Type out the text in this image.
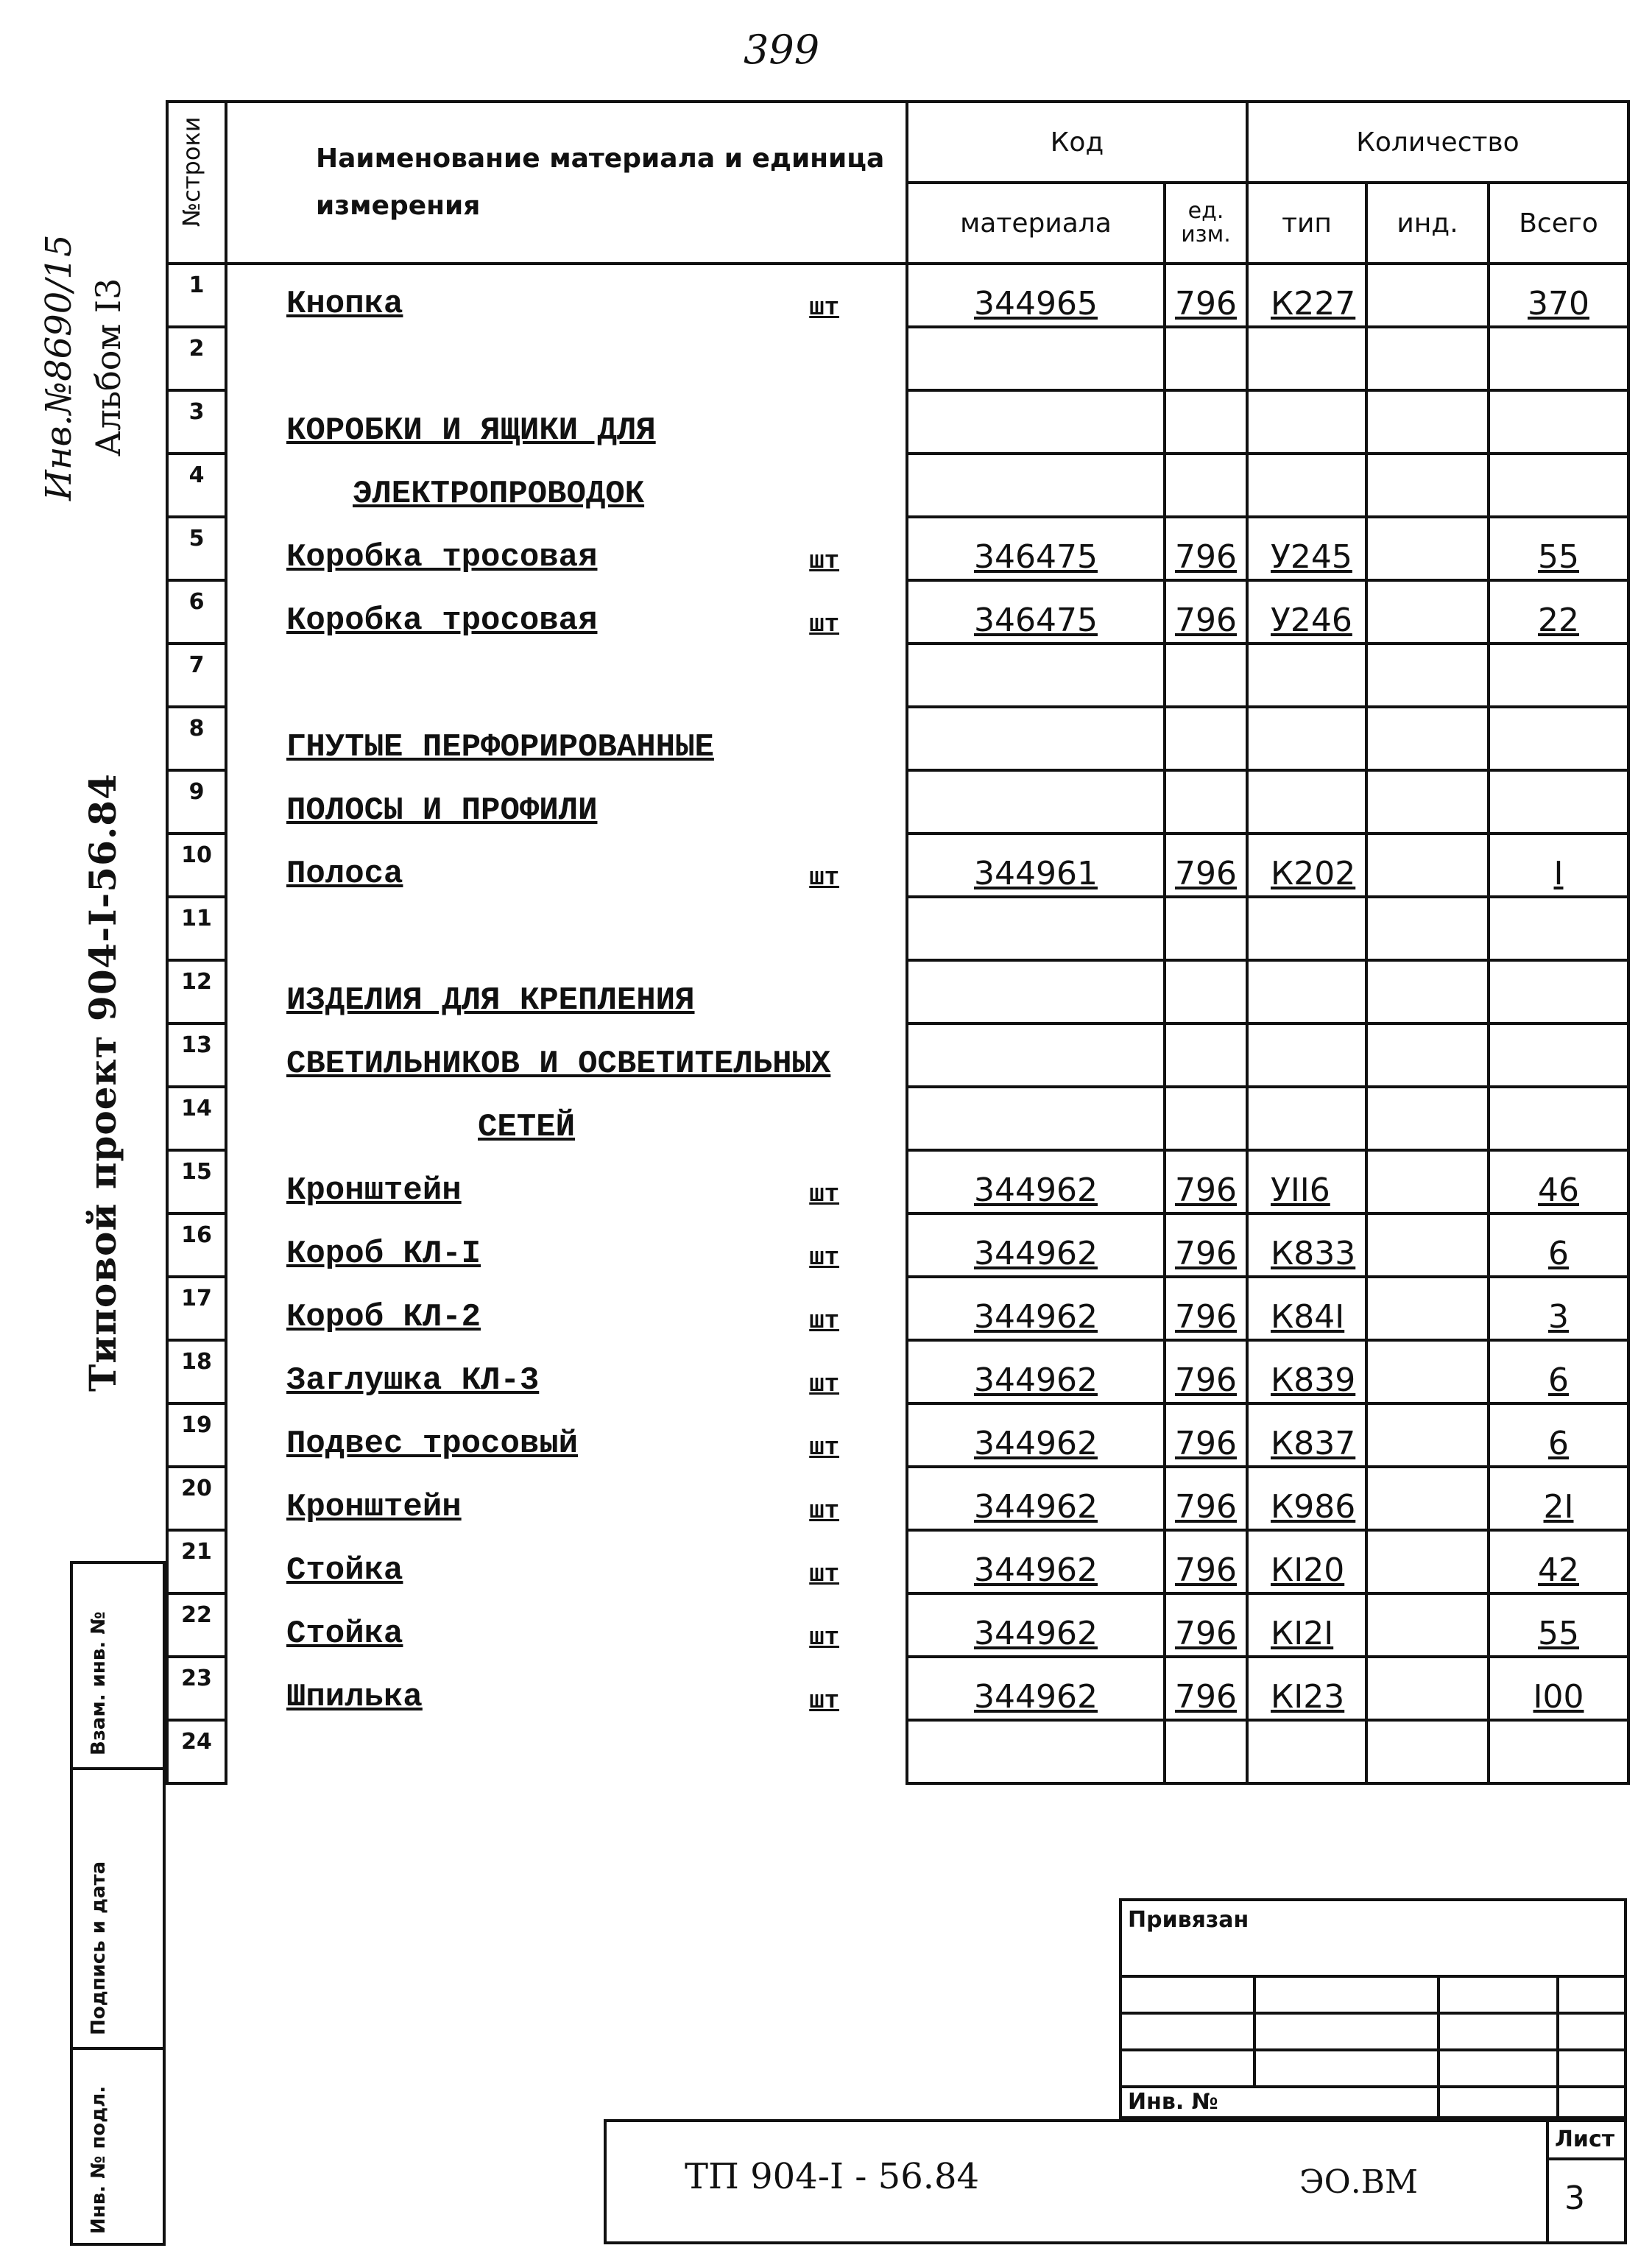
399
Инв.№8690/15 Альбом I3
Типовой проект 904-I-56.84
Взам. инв. №
Подпись и дата
Инв. № подл.
№строки	Наименование материала и единица измерения	Код		Количество		
		материала	ед. изм.	тип	инд.	Всего
1	Кнопка шт	344965	796	К227		370
2	

3	КОРОБКИ И ЯЩИКИ ДЛЯ					

4	ЭЛЕКТРОПРОВОДОК					

5	Коробка тросовая шт	346475	796	У245		55
6	Коробка тросовая шт	346475	796	У246		22
7	

8	ГНУТЫЕ ПЕРФОРИРОВАННЫЕ					

9	ПОЛОСЫ И ПРОФИЛИ					

10	Полоса шт	344961	796	К202		I
11	

12	ИЗДЕЛИЯ ДЛЯ КРЕПЛЕНИЯ					

13	СВЕТИЛЬНИКОВ И ОСВЕТИТЕЛЬНЫХ					

14	СЕТЕЙ					

15	Кронштейн шт	344962	796	УII6		46
16	Короб КЛ-I шт	344962	796	К833		6
17	Короб КЛ-2 шт	344962	796	К84I		3
18	Заглушка КЛ-3 шт	344962	796	К839		6
19	Подвес тросовый шт	344962	796	К837		6
20	Кронштейн шт	344962	796	К986		2I
21	Стойка шт	344962	796	КI20		42
22	Стойка шт	344962	796	КI2I		55
23	Шпилька шт	344962	796	КI23		I00
24	

Привязан
Инв. №
ТП 904-I - 56.84	ЭО.ВМ
Лист
3
